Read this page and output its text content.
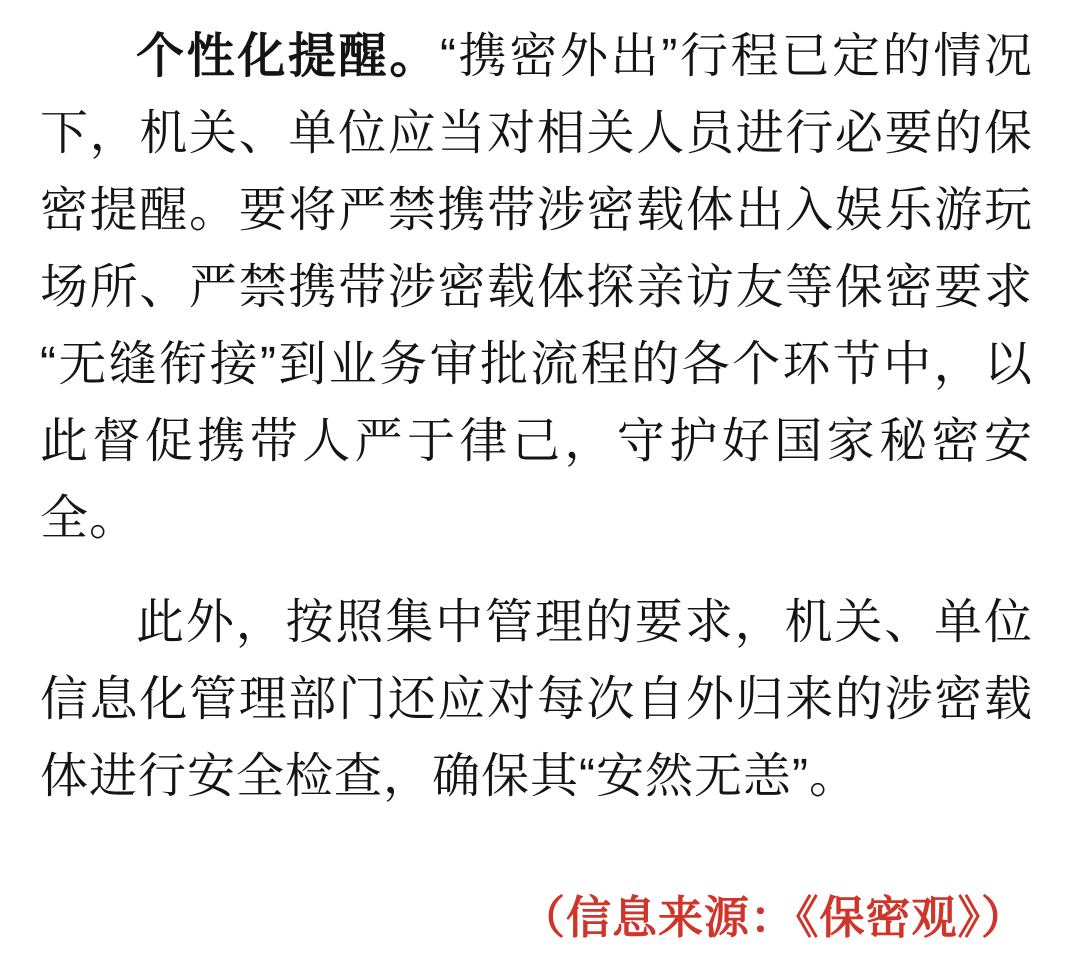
个性化提醒。“携密外出”行程已定的情况下，机关、单位应当对相关人员进行必要的保密提醒。要将严禁携带涉密载体出入娱乐游玩场所、严禁携带涉密载体探亲访友等保密要求“无缝衔接”到业务审批流程的各个环节中，以此督促携带人严于律己，守护好国家秘密安全。

此外，按照集中管理的要求，机关、单位信息化管理部门还应对每次自外归来的涉密载体进行安全检查，确保其“安然无恙”。

（信息来源：《保密观》）
